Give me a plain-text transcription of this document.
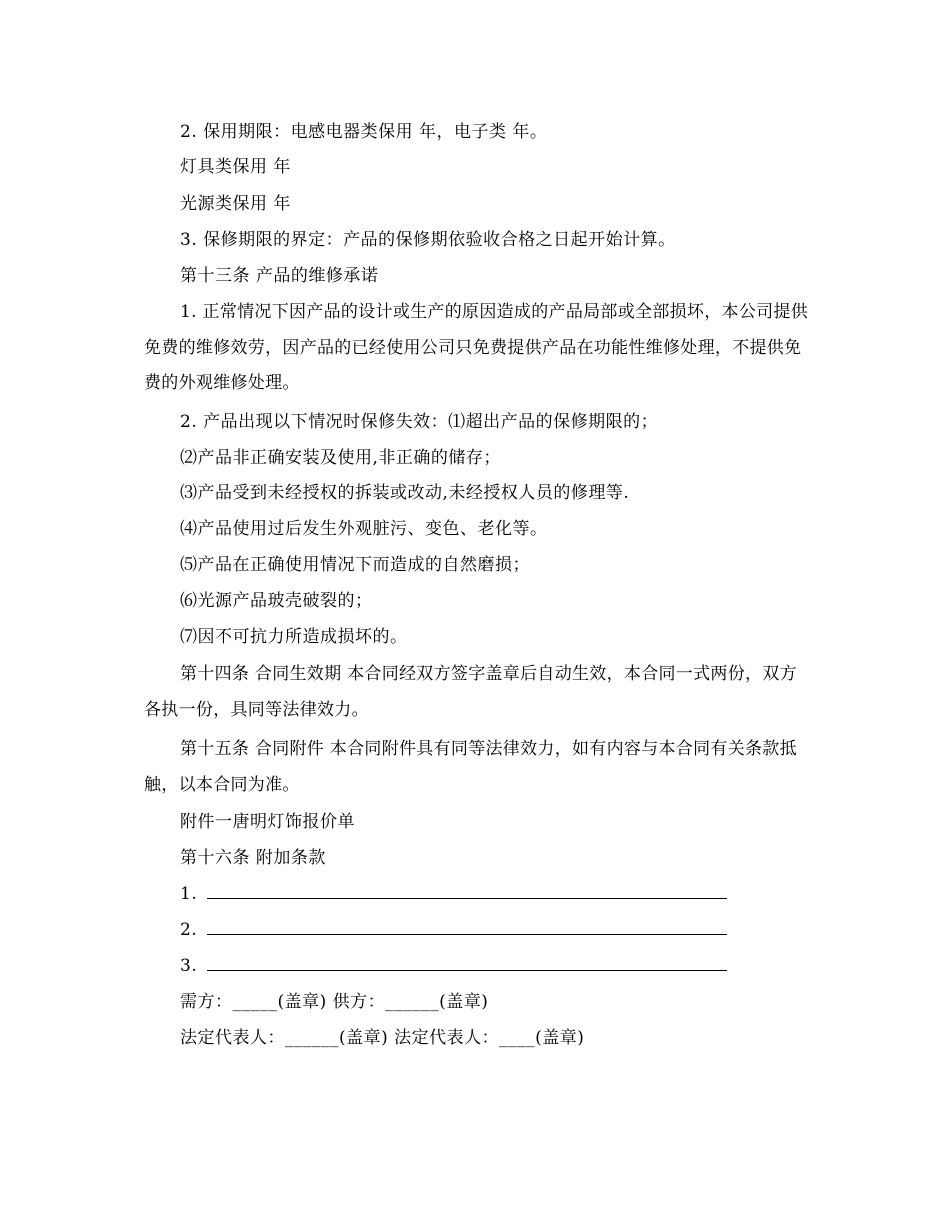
2. 保用期限：电感电器类保用 年，电子类 年。
灯具类保用 年
光源类保用 年
3. 保修期限的界定：产品的保修期依验收合格之日起开始计算。
第十三条 产品的维修承诺
1. 正常情况下因产品的设计或生产的原因造成的产品局部或全部损坏，本公司提供免费的维修效劳，因产品的已经使用公司只免费提供产品在功能性维修处理，不提供免费的外观维修处理。
2. 产品出现以下情况时保修失效：⑴超出产品的保修期限的；
⑵产品非正确安装及使用,非正确的储存；
⑶产品受到未经授权的拆装或改动,未经授权人员的修理等.
⑷产品使用过后发生外观脏污、变色、老化等。
⑸产品在正确使用情况下而造成的自然磨损；
⑹光源产品玻壳破裂的；
⑺因不可抗力所造成损坏的。
第十四条 合同生效期 本合同经双方签字盖章后自动生效，本合同一式两份，双方各执一份，具同等法律效力。
第十五条 合同附件 本合同附件具有同等法律效力，如有内容与本合同有关条款抵触，以本合同为准。
附件一唐明灯饰报价单
第十六条 附加条款
1.
2.
3.
需方：_____(盖章) 供方：______(盖章)
法定代表人：______(盖章) 法定代表人：____(盖章)
